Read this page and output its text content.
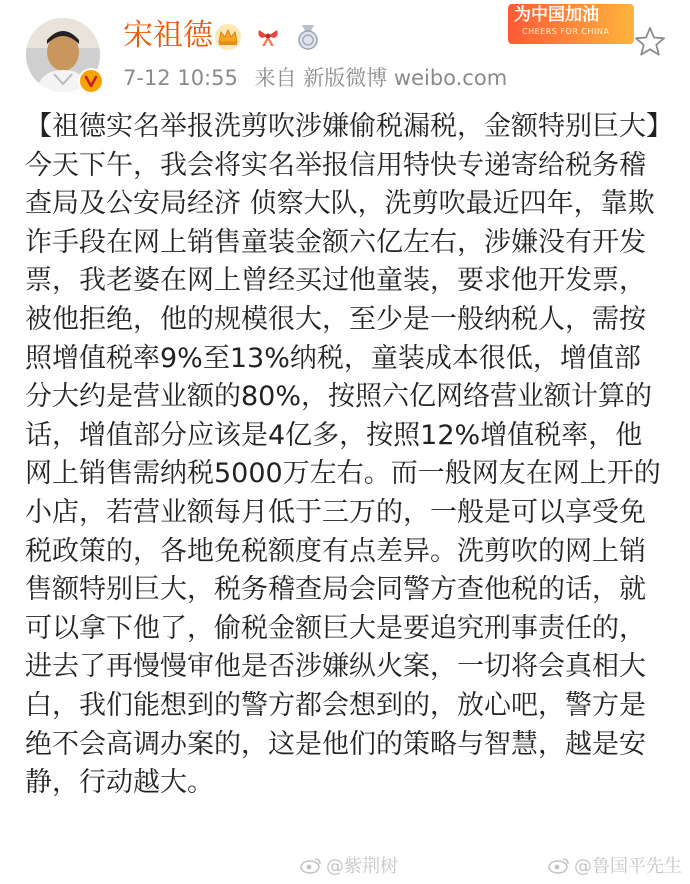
宋祖德
7-12 10:55 来自 新版微博 weibo.com
为中国加油
CHEERS FOR CHINA
【祖德实名举报洗剪吹涉嫌偷税漏税，金额特别巨大】今天下午，我会将实名举报信用特快专递寄给税务稽查局及公安局经济 侦察大队，洗剪吹最近四年，靠欺诈手段在网上销售童装金额六亿左右，涉嫌没有开发票，我老婆在网上曾经买过他童装，要求他开发票，被他拒绝，他的规模很大，至少是一般纳税人，需按照增值税率9%至13%纳税，童装成本很低，增值部分大约是营业额的80%，按照六亿网络营业额计算的话，增值部分应该是4亿多，按照12%增值税率，他网上销售需纳税5000万左右。而一般网友在网上开的小店，若营业额每月低于三万的，一般是可以享受免税政策的，各地免税额度有点差异。洗剪吹的网上销售额特别巨大，税务稽查局会同警方查他税的话，就可以拿下他了，偷税金额巨大是要追究刑事责任的，进去了再慢慢审他是否涉嫌纵火案，一切将会真相大白，我们能想到的警方都会想到的，放心吧，警方是绝不会高调办案的，这是他们的策略与智慧，越是安静，行动越大。
@紫荆树	@鲁国平先生
